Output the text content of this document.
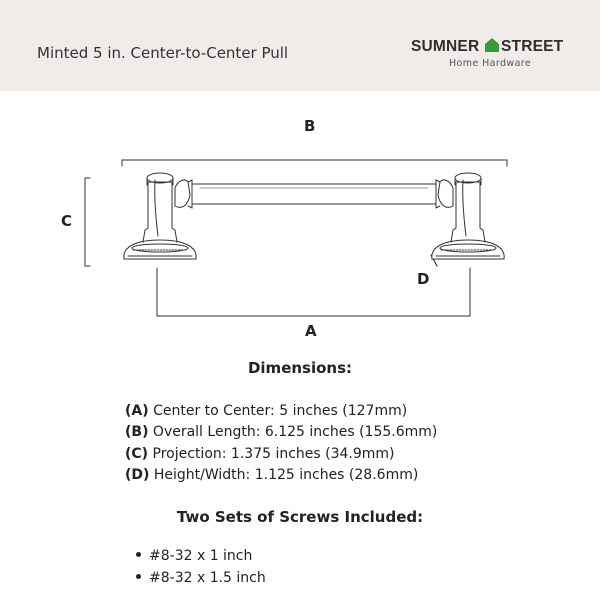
Minted 5 in. Center-to-Center Pull	SUMNER STREET
Home Hardware
B
C
D
A
Dimensions:
(A) Center to Center: 5 inches (127mm)
(B) Overall Length: 6.125 inches (155.6mm)
(C) Projection: 1.375 inches (34.9mm)
(D) Height/Width: 1.125 inches (28.6mm)
Two Sets of Screws Included:
#8-32 x 1 inch
#8-32 x 1.5 inch
